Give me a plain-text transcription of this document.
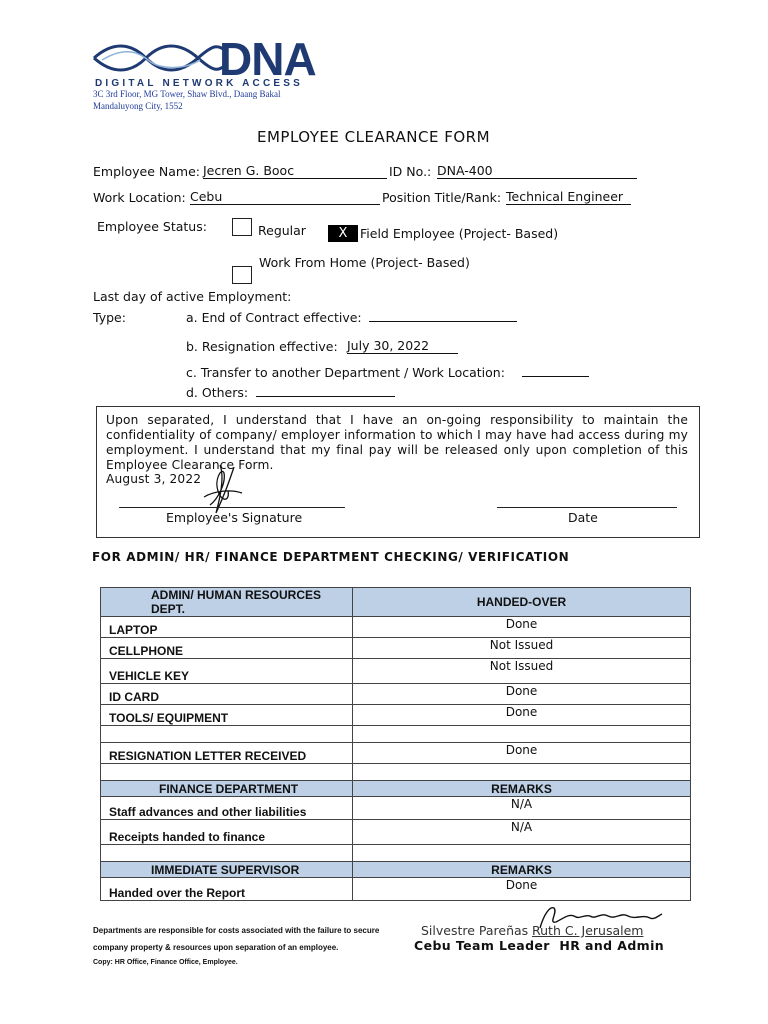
DNA
DIGITAL NETWORK ACCESS
3C 3rd Floor, MG Tower, Shaw Blvd., Daang Bakal
Mandaluyong City, 1552
EMPLOYEE CLEARANCE FORM
Employee Name: Jecren G. Booc	ID No.: DNA-400
Work Location: Cebu	Position Title/Rank: Technical Engineer
Employee Status:	Regular	X	Field Employee (Project- Based)
Work From Home (Project- Based)
Last day of active Employment:
Type:	a. End of Contract effective:
b. Resignation effective: July 30, 2022
c. Transfer to another Department / Work Location:
d. Others:
Upon separated, I understand that I have an on-going responsibility to maintain the confidentiality of company/ employer information to which I may have had access during my employment. I understand that my final pay will be released only upon completion of this Employee Clearance Form.
August 3, 2022
Employee's Signature	Date
FOR ADMIN/ HR/ FINANCE DEPARTMENT CHECKING/ VERIFICATION
ADMIN/ HUMAN RESOURCES DEPT.	HANDED-OVER
LAPTOP	Done
CELLPHONE	Not Issued
VEHICLE KEY	Not Issued
ID CARD	Done
TOOLS/ EQUIPMENT	Done

RESIGNATION LETTER RECEIVED	Done

FINANCE DEPARTMENT	REMARKS
Staff advances and other liabilities	N/A
Receipts handed to finance	N/A

IMMEDIATE SUPERVISOR	REMARKS
Handed over the Report	Done
Departments are responsible for costs associated with the failure to secure
company property & resources upon separation of an employee.
Copy: HR Office, Finance Office, Employee.
Silvestre Pareñas Ruth C. Jerusalem
Cebu Team Leader  HR and Admin
